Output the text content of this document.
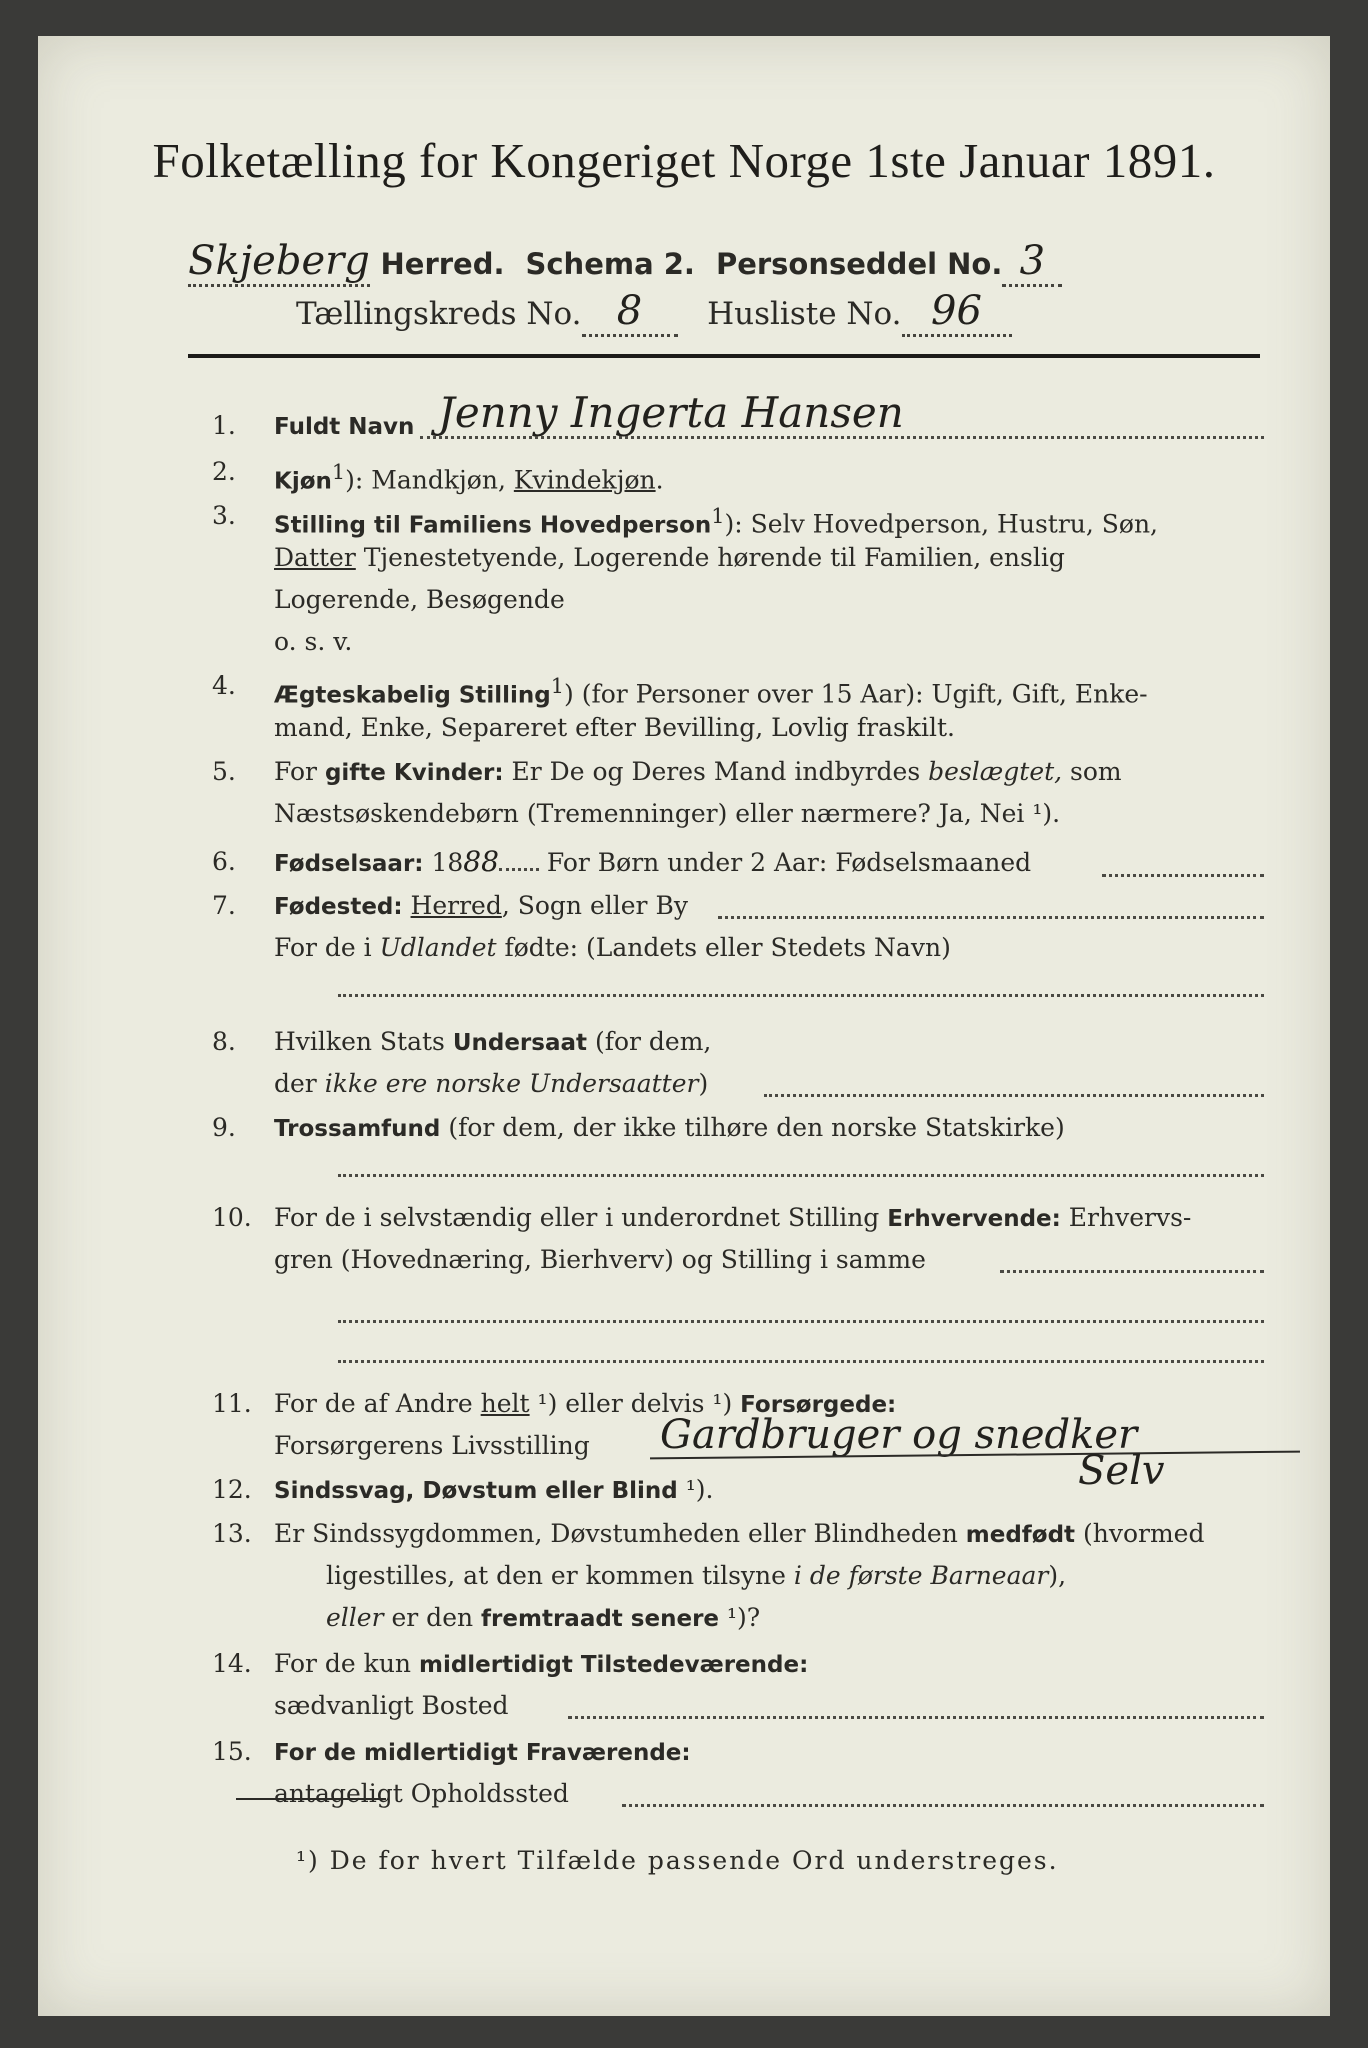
Folketælling for Kongeriget Norge 1ste Januar 1891.
Skjeberg Herred. Schema 2. Personseddel No. 3
Tællingskreds No. 8 Husliste No. 96
1.	Fuldt Navn Jenny Ingerta Hansen
2.	Kjøn$^1$): Mandkjøn, Kvindekjøn.
3.	Stilling til Familiens Hovedperson$^1$): Selv Hovedperson, Hustru, Søn,
Datter Tjenestetyende, Logerende hørende til Familien, enslig
Logerende, Besøgende
o. s. v.
4.	Ægteskabelig Stilling$^1$) (for Personer over 15 Aar): Ugift, Gift, Enke-
mand, Enke, Separeret efter Bevilling, Lovlig fraskilt.
5.	For gifte Kvinder: Er De og Deres Mand indbyrdes beslægtet, som
Næstsøskendebørn (Tremenninger) eller nærmere? Ja, Nei ¹).
6.	Fødselsaar: 1888 For Børn under 2 Aar: Fødselsmaaned
7.	Fødested: Herred, Sogn eller By
For de i Udlandet fødte: (Landets eller Stedets Navn)
8.	Hvilken Stats Undersaat (for dem,
der ikke ere norske Undersaatter)
9.	Trossamfund (for dem, der ikke tilhøre den norske Statskirke)
10. For de i selvstændig eller i underordnet Stilling Erhvervende: Erhvervs-
gren (Hovednæring, Bierhverv) og Stilling i samme
11. For de af Andre helt ¹) eller delvis ¹) Forsørgede:
Forsørgerens Livsstilling	Gardbruger og snedker
12. Sindssvag, Døvstum eller Blind ¹).	Selv
13. Er Sindssygdommen, Døvstumheden eller Blindheden medfødt (hvormed
ligestilles, at den er kommen tilsyne i de første Barneaar),
eller er den fremtraadt senere ¹)?
14. For de kun midlertidigt Tilstedeværende:
sædvanligt Bosted
15. For de midlertidigt Fraværende:
antageligt Opholdssted
¹) De for hvert Tilfælde passende Ord understreges.
